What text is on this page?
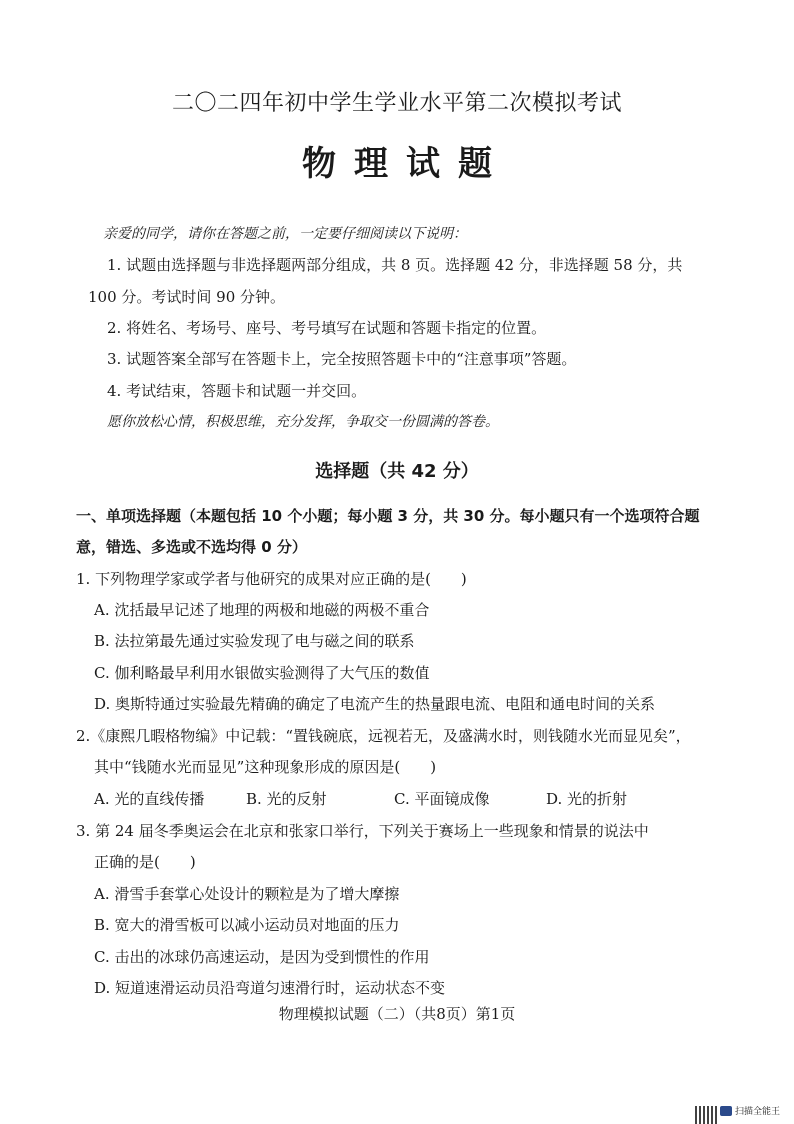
二〇二四年初中学生学业水平第二次模拟考试
物理试题
亲爱的同学，请你在答题之前，一定要仔细阅读以下说明：
1. 试题由选择题与非选择题两部分组成，共 8 页。选择题 42 分，非选择题 58 分，共
100 分。考试时间 90 分钟。
2. 将姓名、考场号、座号、考号填写在试题和答题卡指定的位置。
3. 试题答案全部写在答题卡上，完全按照答题卡中的“注意事项”答题。
4. 考试结束，答题卡和试题一并交回。
愿你放松心情，积极思维，充分发挥，争取交一份圆满的答卷。
选择题（共 42 分）
一、单项选择题（本题包括 10 个小题；每小题 3 分，共 30 分。每小题只有一个选项符合题
意，错选、多选或不选均得 0 分）
1. 下列物理学家或学者与他研究的成果对应正确的是(　　)
A. 沈括最早记述了地理的两极和地磁的两极不重合
B. 法拉第最先通过实验发现了电与磁之间的联系
C. 伽利略最早利用水银做实验测得了大气压的数值
D. 奥斯特通过实验最先精确的确定了电流产生的热量跟电流、电阻和通电时间的关系
2.《康熙几暇格物编》中记载：“置钱碗底，远视若无，及盛满水时，则钱随水光而显见矣”，
其中“钱随水光而显见”这种现象形成的原因是(　　)
A. 光的直线传播	B. 光的反射	C. 平面镜成像	D. 光的折射
3. 第 24 届冬季奥运会在北京和张家口举行，下列关于赛场上一些现象和情景的说法中
正确的是(　　)
A. 滑雪手套掌心处设计的颗粒是为了增大摩擦
B. 宽大的滑雪板可以减小运动员对地面的压力
C. 击出的冰球仍高速运动，是因为受到惯性的作用
D. 短道速滑运动员沿弯道匀速滑行时，运动状态不变
物理模拟试题（二）（共8页）第1页
扫描全能王
